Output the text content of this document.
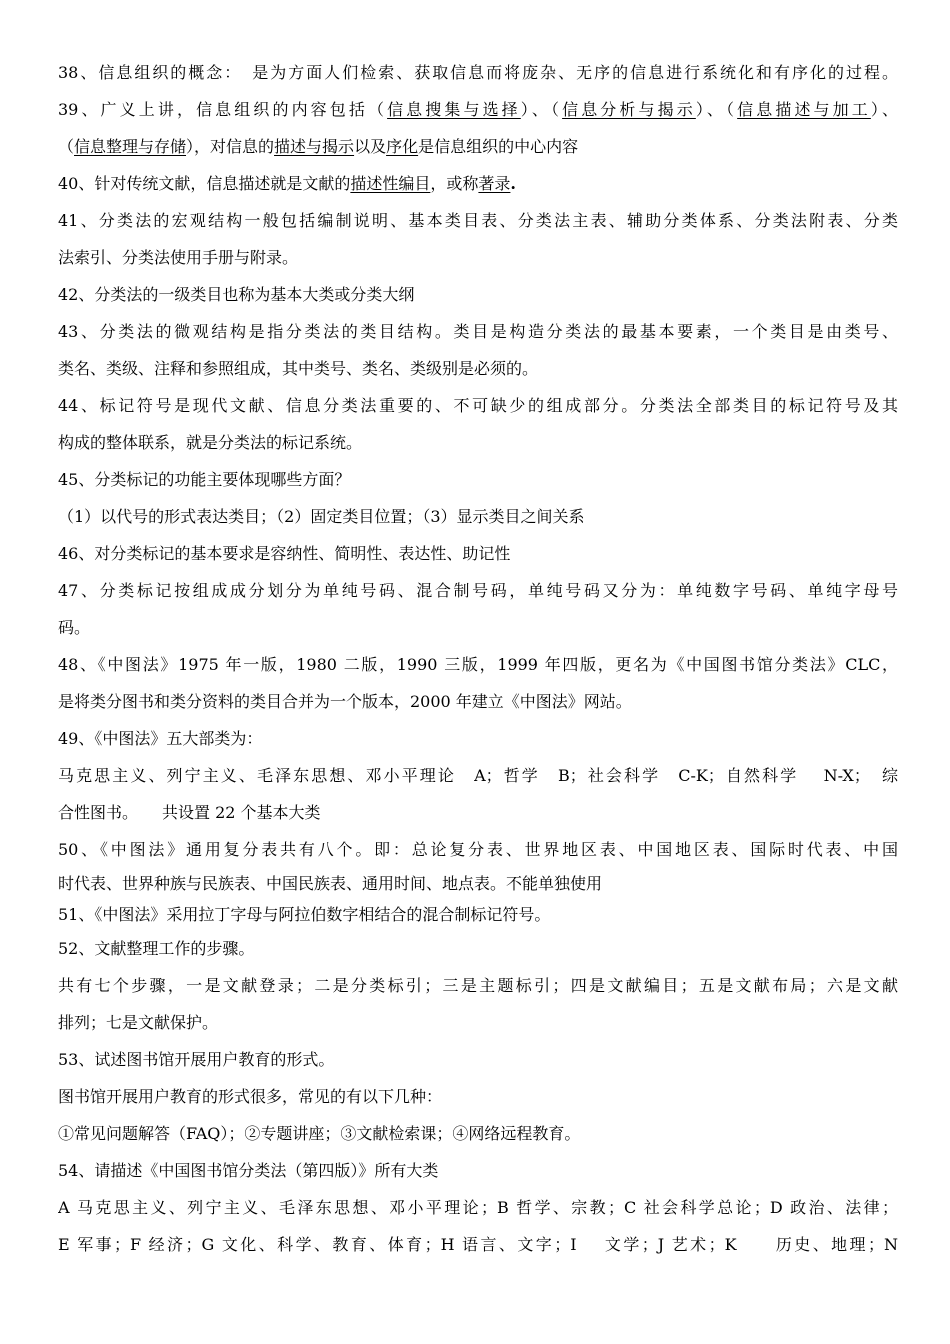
38、信息组织的概念：　是为方面人们检索、获取信息而将庞杂、无序的信息进行系统化和有序化的过程。
39、广义上讲，信息组织的内容包括（信息搜集与选择）、（信息分析与揭示）、（信息描述与加工）、
（信息整理与存储），对信息的描述与揭示以及序化是信息组织的中心内容
40、针对传统文献，信息描述就是文献的描述性编目，或称著录.
41、分类法的宏观结构一般包括编制说明、基本类目表、分类法主表、辅助分类体系、分类法附表、分类
法索引、分类法使用手册与附录。
42、分类法的一级类目也称为基本大类或分类大纲
43、分类法的微观结构是指分类法的类目结构。类目是构造分类法的最基本要素，一个类目是由类号、
类名、类级、注释和参照组成，其中类号、类名、类级别是必须的。
44、标记符号是现代文献、信息分类法重要的、不可缺少的组成部分。分类法全部类目的标记符号及其
构成的整体联系，就是分类法的标记系统。
45、分类标记的功能主要体现哪些方面？
（1）以代号的形式表达类目；（2）固定类目位置；（3）显示类目之间关系
46、对分类标记的基本要求是容纳性、简明性、表达性、助记性
47、分类标记按组成成分划分为单纯号码、混合制号码，单纯号码又分为：单纯数字号码、单纯字母号
码。
48、《中图法》1975 年一版，1980 二版，1990 三版，1999 年四版，更名为《中国图书馆分类法》CLC，
是将类分图书和类分资料的类目合并为一个版本，2000 年建立《中图法》网站。
49、《中图法》五大部类为：
马克思主义、列宁主义、毛泽东思想、邓小平理论　A；哲学　B；社会科学　C-K；自然科学　 N-X；　综
合性图书。　　共设置 22 个基本大类
50、《中图法》通用复分表共有八个。即：总论复分表、世界地区表、中国地区表、国际时代表、中国
时代表、世界种族与民族表、中国民族表、通用时间、地点表。不能单独使用
51、《中图法》采用拉丁字母与阿拉伯数字相结合的混合制标记符号。
52、文献整理工作的步骤。
共有七个步骤，一是文献登录；二是分类标引；三是主题标引；四是文献编目；五是文献布局；六是文献
排列；七是文献保护。
53、试述图书馆开展用户教育的形式。
图书馆开展用户教育的形式很多，常见的有以下几种：
①常见问题解答（FAQ）；②专题讲座；③文献检索课；④网络远程教育。
54、请描述《中国图书馆分类法（第四版）》所有大类
A 马克思主义、列宁主义、毛泽东思想、邓小平理论；B 哲学、宗教；C 社会科学总论；D 政治、法律；
E 军事；F 经济；G 文化、科学、教育、体育；H 语言、文字；I　 文学；J 艺术；K　　历史、地理；N
